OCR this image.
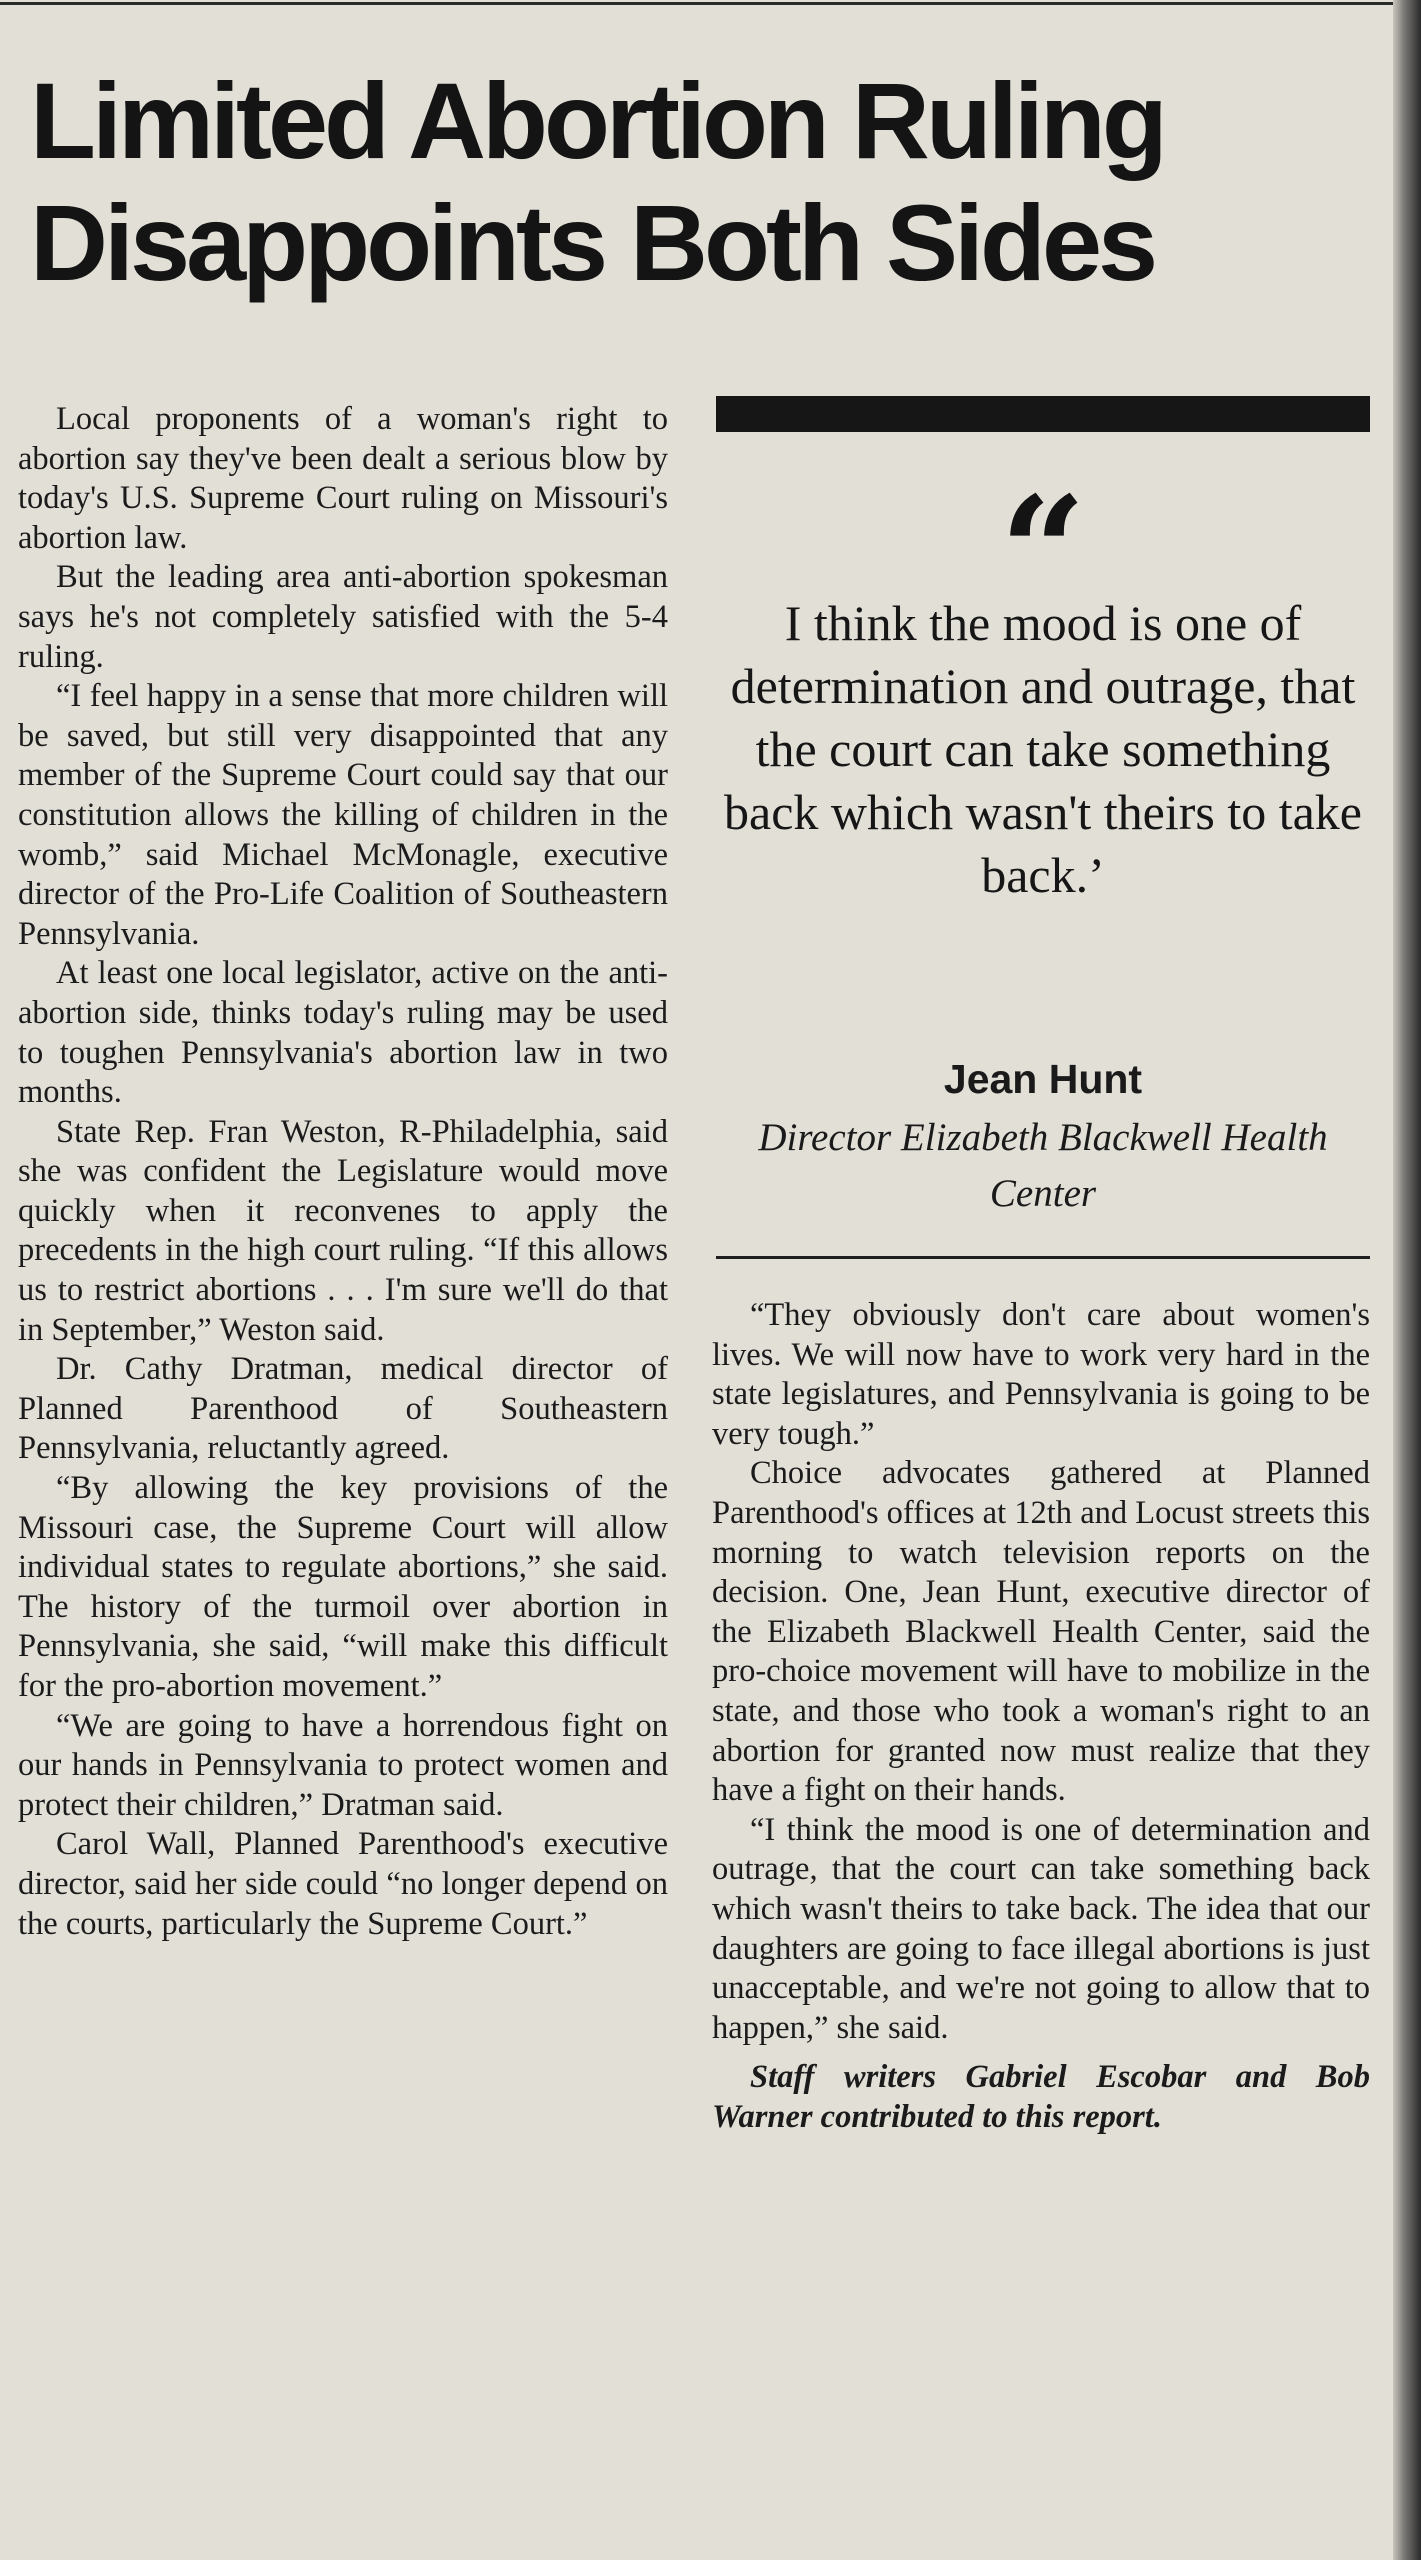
Limited Abortion Ruling
Disappoints Both Sides

Local proponents of a woman's right to abortion say they've been dealt a serious blow by today's U.S. Supreme Court ruling on Missouri's abortion law.

But the leading area anti-abortion spokesman says he's not completely satisfied with the 5-4 ruling.

“I feel happy in a sense that more children will be saved, but still very disappointed that any member of the Supreme Court could say that our constitution allows the killing of children in the womb,” said Michael McMonagle, executive director of the Pro-Life Coalition of Southeastern Pennsylvania.

At least one local legislator, active on the anti-abortion side, thinks today's ruling may be used to toughen Pennsylvania's abortion law in two months.

State Rep. Fran Weston, R-Philadelphia, said she was confident the Legislature would move quickly when it reconvenes to apply the precedents in the high court ruling. “If this allows us to restrict abortions . . . I'm sure we'll do that in September,” Weston said.

Dr. Cathy Dratman, medical director of Planned Parenthood of Southeastern Pennsylvania, reluctantly agreed.

“By allowing the key provisions of the Missouri case, the Supreme Court will allow individual states to regulate abortions,” she said. The history of the turmoil over abortion in Pennsylvania, she said, “will make this difficult for the pro-abortion movement.”

“We are going to have a horrendous fight on our hands in Pennsylvania to protect women and protect their children,” Dratman said.

Carol Wall, Planned Parenthood's executive director, said her side could “no longer depend on the courts, particularly the Supreme Court.”

“
I think the mood is one of determination and outrage, that the court can take something back which wasn't theirs to take back.’
Jean Hunt
Director Elizabeth Blackwell Health Center

“They obviously don't care about women's lives. We will now have to work very hard in the state legislatures, and Pennsylvania is going to be very tough.”

Choice advocates gathered at Planned Parenthood's offices at 12th and Locust streets this morning to watch television reports on the decision. One, Jean Hunt, executive director of the Elizabeth Blackwell Health Center, said the pro-choice movement will have to mobilize in the state, and those who took a woman's right to an abortion for granted now must realize that they have a fight on their hands.

“I think the mood is one of determination and outrage, that the court can take something back which wasn't theirs to take back. The idea that our daughters are going to face illegal abortions is just unacceptable, and we're not going to allow that to happen,” she said.

Staff writers Gabriel Escobar and Bob Warner contributed to this report.
